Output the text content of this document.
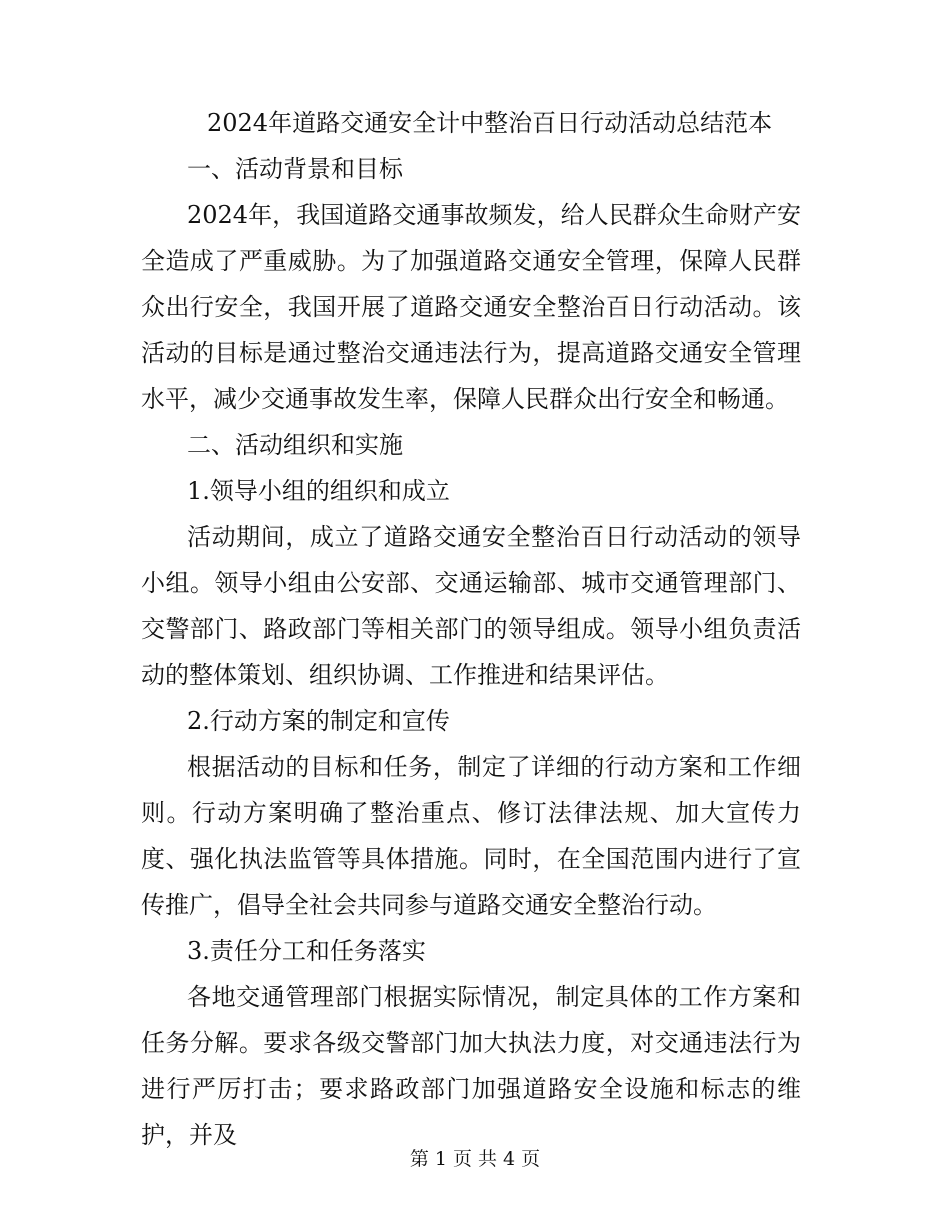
2024年道路交通安全计中整治百日行动活动总结范本

一、活动背景和目标

2024年，我国道路交通事故频发，给人民群众生命财产安全造成了严重威胁。为了加强道路交通安全管理，保障人民群众出行安全，我国开展了道路交通安全整治百日行动活动。该活动的目标是通过整治交通违法行为，提高道路交通安全管理水平，减少交通事故发生率，保障人民群众出行安全和畅通。

二、活动组织和实施

1.领导小组的组织和成立

活动期间，成立了道路交通安全整治百日行动活动的领导小组。领导小组由公安部、交通运输部、城市交通管理部门、交警部门、路政部门等相关部门的领导组成。领导小组负责活动的整体策划、组织协调、工作推进和结果评估。

2.行动方案的制定和宣传

根据活动的目标和任务，制定了详细的行动方案和工作细则。行动方案明确了整治重点、修订法律法规、加大宣传力度、强化执法监管等具体措施。同时，在全国范围内进行了宣传推广，倡导全社会共同参与道路交通安全整治行动。

3.责任分工和任务落实

各地交通管理部门根据实际情况，制定具体的工作方案和任务分解。要求各级交警部门加大执法力度，对交通违法行为进行严厉打击；要求路政部门加强道路安全设施和标志的维护，并及

第 1 页 共 4 页
